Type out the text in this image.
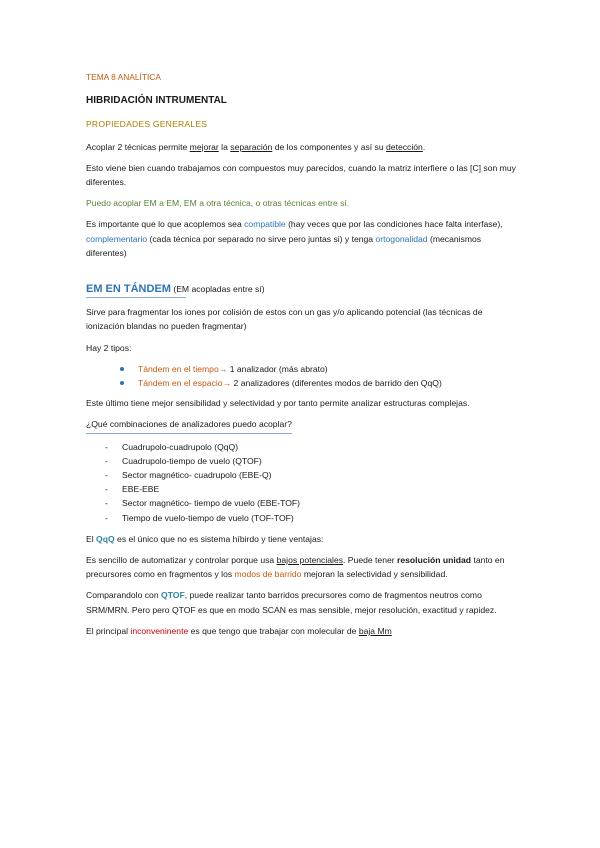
TEMA 8 ANALÍTICA
HIBRIDACIÓN INTRUMENTAL
PROPIEDADES GENERALES

Acoplar 2 técnicas permite mejorar la separación de los componentes y así su detección.

Esto viene bien cuando trabajamos con compuestos muy parecidos, cuando la matriz interfiere o las [C] son muy diferentes.

Puedo acoplar EM a EM, EM a otra técnica, o otras técnicas entre sí.

Es importante que lo que acoplemos sea compatible (hay veces que por las condiciones hace falta interfase), complementario (cada técnica por separado no sirve pero juntas si) y tenga ortogonalidad (mecanismos diferentes)

EM EN TÁNDEM (EM acopladas entre sí)

Sirve para fragmentar los iones por colisión de estos con un gas y/o aplicando potencial (las técnicas de ionización blandas no pueden fragmentar)

Hay 2 tipos:

Tándem en el tiempo→ 1 analizador (más abrato)
Tándem en el espacio→ 2 analizadores (diferentes modos de barrido den QqQ)

Este último tiene mejor sensibilidad y selectividad y por tanto permite analizar estructuras complejas.

¿Qué combinaciones de analizadores puedo acoplar?
- Cuadrupolo-cuadrupolo (QqQ)
- Cuadrupolo-tiempo de vuelo (QTOF)
- Sector magnético- cuadrupolo (EBE-Q)
- EBE-EBE
- Sector magnético- tiempo de vuelo (EBE-TOF)
- Tiempo de vuelo-tiempo de vuelo (TOF-TOF)

El QqQ es el único que no es sistema híbirdo y tiene ventajas:

Es sencillo de automatizar y controlar porque usa bajos potenciales. Puede tener resolución unidad tanto en precursores como en fragmentos y los modos de barrido mejoran la selectividad y sensibilidad.

Comparandolo con QTOF, puede realizar tanto barridos precursores como de fragmentos neutros como SRM/MRN. Pero pero QTOF es que en modo SCAN es mas sensible, mejor resolución, exactitud y rapidez.

El principal inconveninente es que tengo que trabajar con molecular de baja Mm
